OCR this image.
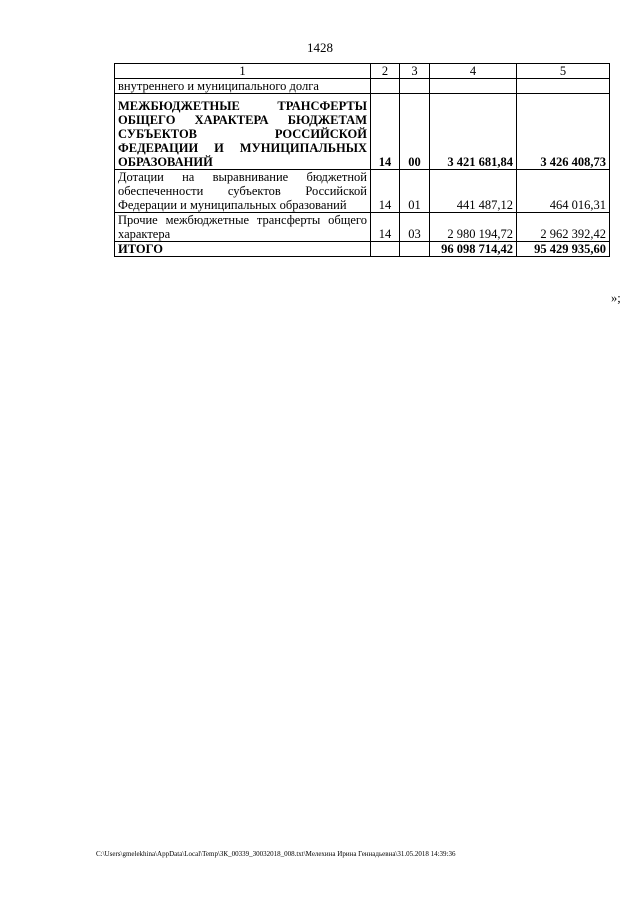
1428
1	2	3	4	5
внутреннего и муниципального долга				
МЕЖБЮДЖЕТНЫЕ ТРАНСФЕРТЫ ОБЩЕГО ХАРАКТЕРА БЮДЖЕТАМ СУБЪЕКТОВ РОССИЙСКОЙ ФЕДЕРАЦИИ И МУНИЦИПАЛЬНЫХ ОБРАЗОВАНИЙ	14	00	3 421 681,84	3 426 408,73
Дотации на выравнивание бюджетной обеспеченности субъектов Российской Федерации и муниципальных образований	14	01	441 487,12	464 016,31
Прочие межбюджетные трансферты общего характера	14	03	2 980 194,72	2 962 392,42
ИТОГО			96 098 714,42	95 429 935,60
»;
C:\Users\gmelekhina\AppData\Local\Temp\ЗК_00339_30032018_008.txt\Мелехина Ирина Геннадьевна\31.05.2018 14:39:36
